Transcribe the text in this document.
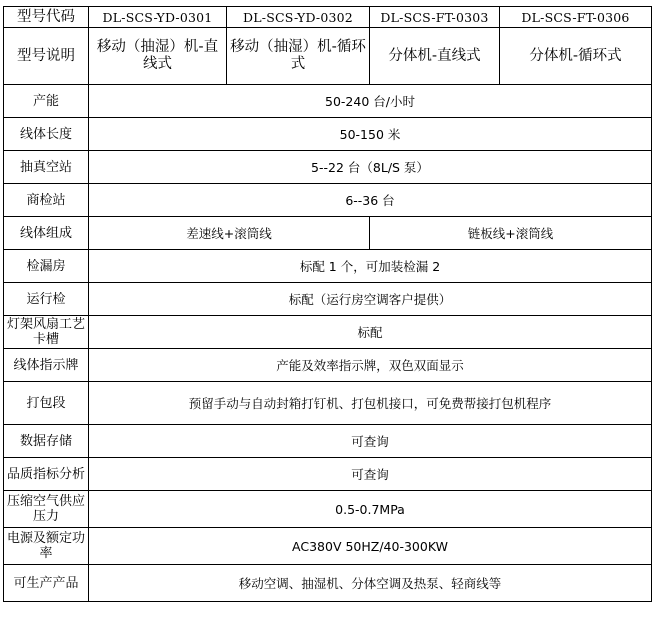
型号代码	DL-SCS-YD-0301	DL-SCS-YD-0302	DL-SCS-FT-0303	DL-SCS-FT-0306
型号说明	移动（抽湿）机-直线式	移动（抽湿）机-循环式	分体机-直线式	分体机-循环式
产能	50-240 台/小时			
线体长度	50-150 米			
抽真空站	5--22 台（8L/S 泵）			
商检站	6--36 台			
线体组成	差速线+滚筒线		链板线+滚筒线	
检漏房	标配 1 个，可加装检漏 2			
运行检	标配（运行房空调客户提供）			
灯架风扇工艺卡槽	标配			
线体指示牌	产能及效率指示牌，双色双面显示			
打包段	预留手动与自动封箱打钉机、打包机接口，可免费帮接打包机程序			
数据存储	可查询			
品质指标分析	可查询			
压缩空气供应压力	0.5-0.7MPa			
电源及额定功率	AC380V 50HZ/40-300KW			
可生产产品	移动空调、抽湿机、分体空调及热泵、轻商线等			
